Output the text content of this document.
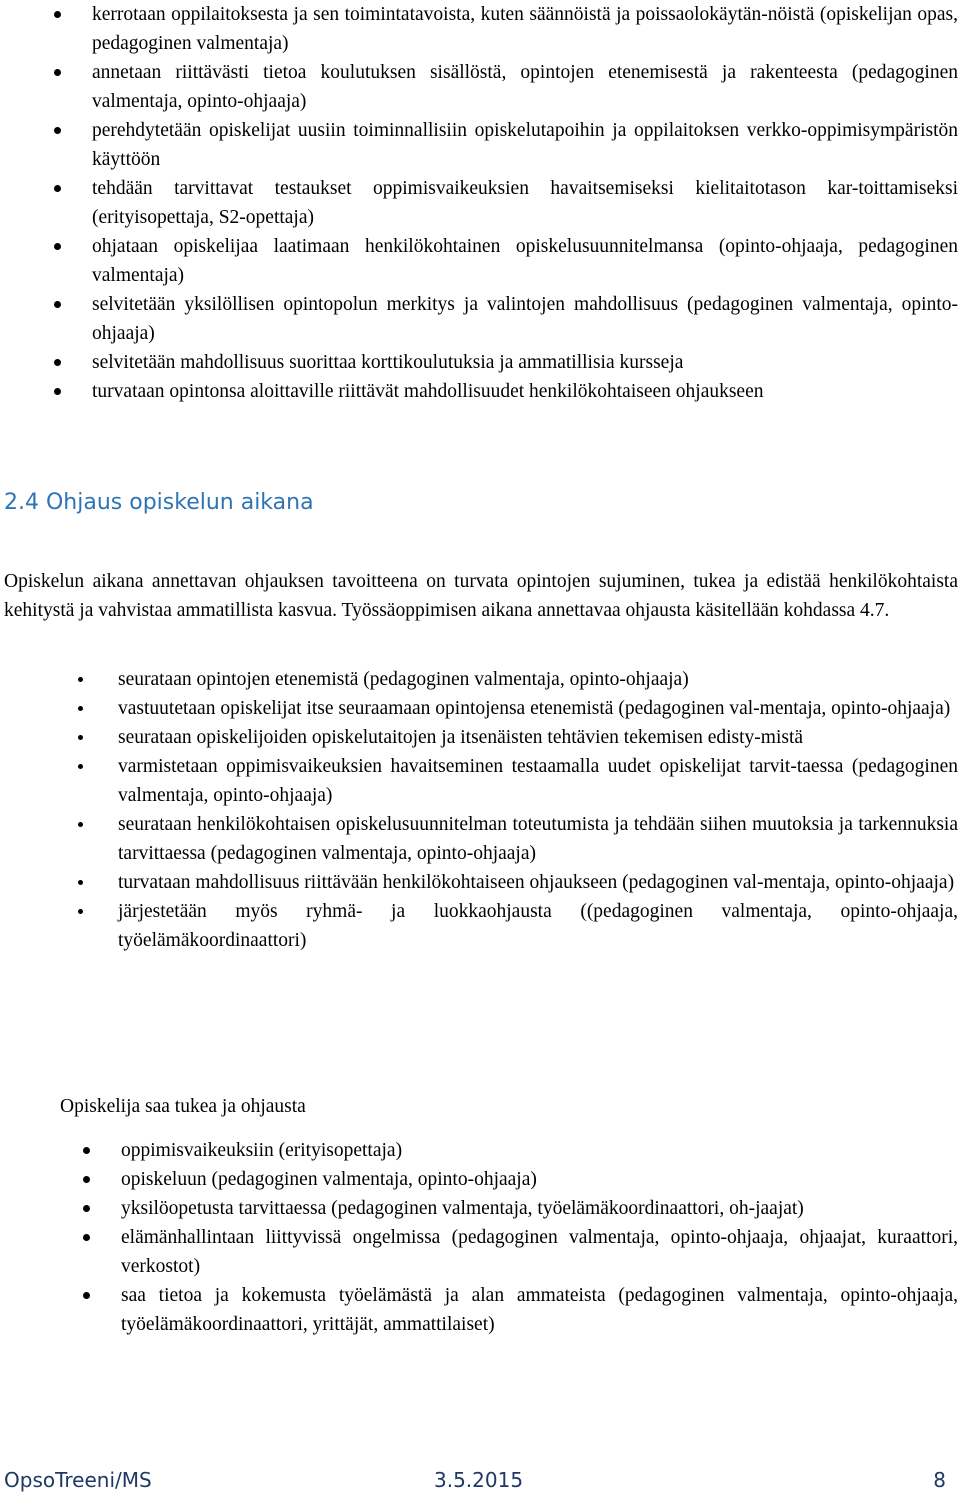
kerrotaan oppilaitoksesta ja sen toimintatavoista, kuten säännöistä ja poissaolokäytän-nöistä (opiskelijan opas, pedagoginen valmentaja)
annetaan riittävästi tietoa koulutuksen sisällöstä, opintojen etenemisestä ja rakenteesta (pedagoginen valmentaja, opinto-ohjaaja)
perehdytetään opiskelijat uusiin toiminnallisiin opiskelutapoihin ja oppilaitoksen verkko-oppimisympäristön käyttöön
tehdään tarvittavat testaukset oppimisvaikeuksien havaitsemiseksi kielitaitotason kar-toittamiseksi (erityisopettaja, S2-opettaja)
ohjataan opiskelijaa laatimaan henkilökohtainen opiskelusuunnitelmansa (opinto-ohjaaja, pedagoginen valmentaja)
selvitetään yksilöllisen opintopolun merkitys ja valintojen mahdollisuus (pedagoginen valmentaja, opinto-ohjaaja)
selvitetään mahdollisuus suorittaa korttikoulutuksia ja ammatillisia kursseja
turvataan opintonsa aloittaville riittävät mahdollisuudet henkilökohtaiseen ohjaukseen
2.4 Ohjaus opiskelun aikana

Opiskelun aikana annettavan ohjauksen tavoitteena on turvata opintojen sujuminen, tukea ja edistää henkilökohtaista kehitystä ja vahvistaa ammatillista kasvua. Työssäoppimisen aikana annettavaa ohjausta käsitellään kohdassa 4.7.

seurataan opintojen etenemistä (pedagoginen valmentaja, opinto-ohjaaja)
vastuutetaan opiskelijat itse seuraamaan opintojensa etenemistä (pedagoginen val-mentaja, opinto-ohjaaja)
seurataan opiskelijoiden opiskelutaitojen ja itsenäisten tehtävien tekemisen edisty-mistä
varmistetaan oppimisvaikeuksien havaitseminen testaamalla uudet opiskelijat tarvit-taessa (pedagoginen valmentaja, opinto-ohjaaja)
seurataan henkilökohtaisen opiskelusuunnitelman toteutumista ja tehdään siihen muutoksia ja tarkennuksia tarvittaessa (pedagoginen valmentaja, opinto-ohjaaja)
turvataan mahdollisuus riittävään henkilökohtaiseen ohjaukseen (pedagoginen val-mentaja, opinto-ohjaaja)
järjestetään myös ryhmä- ja luokkaohjausta ((pedagoginen valmentaja, opinto-ohjaaja, työelämäkoordinaattori)

Opiskelija saa tukea ja ohjausta

oppimisvaikeuksiin (erityisopettaja)
opiskeluun (pedagoginen valmentaja, opinto-ohjaaja)
yksilöopetusta tarvittaessa (pedagoginen valmentaja, työelämäkoordinaattori, oh-jaajat)
elämänhallintaan liittyvissä ongelmissa (pedagoginen valmentaja, opinto-ohjaaja, ohjaajat, kuraattori, verkostot)
saa tietoa ja kokemusta työelämästä ja alan ammateista (pedagoginen valmentaja, opinto-ohjaaja, työelämäkoordinaattori, yrittäjät, ammattilaiset)
OpsoTreeni/MS	3.5.2015	8
